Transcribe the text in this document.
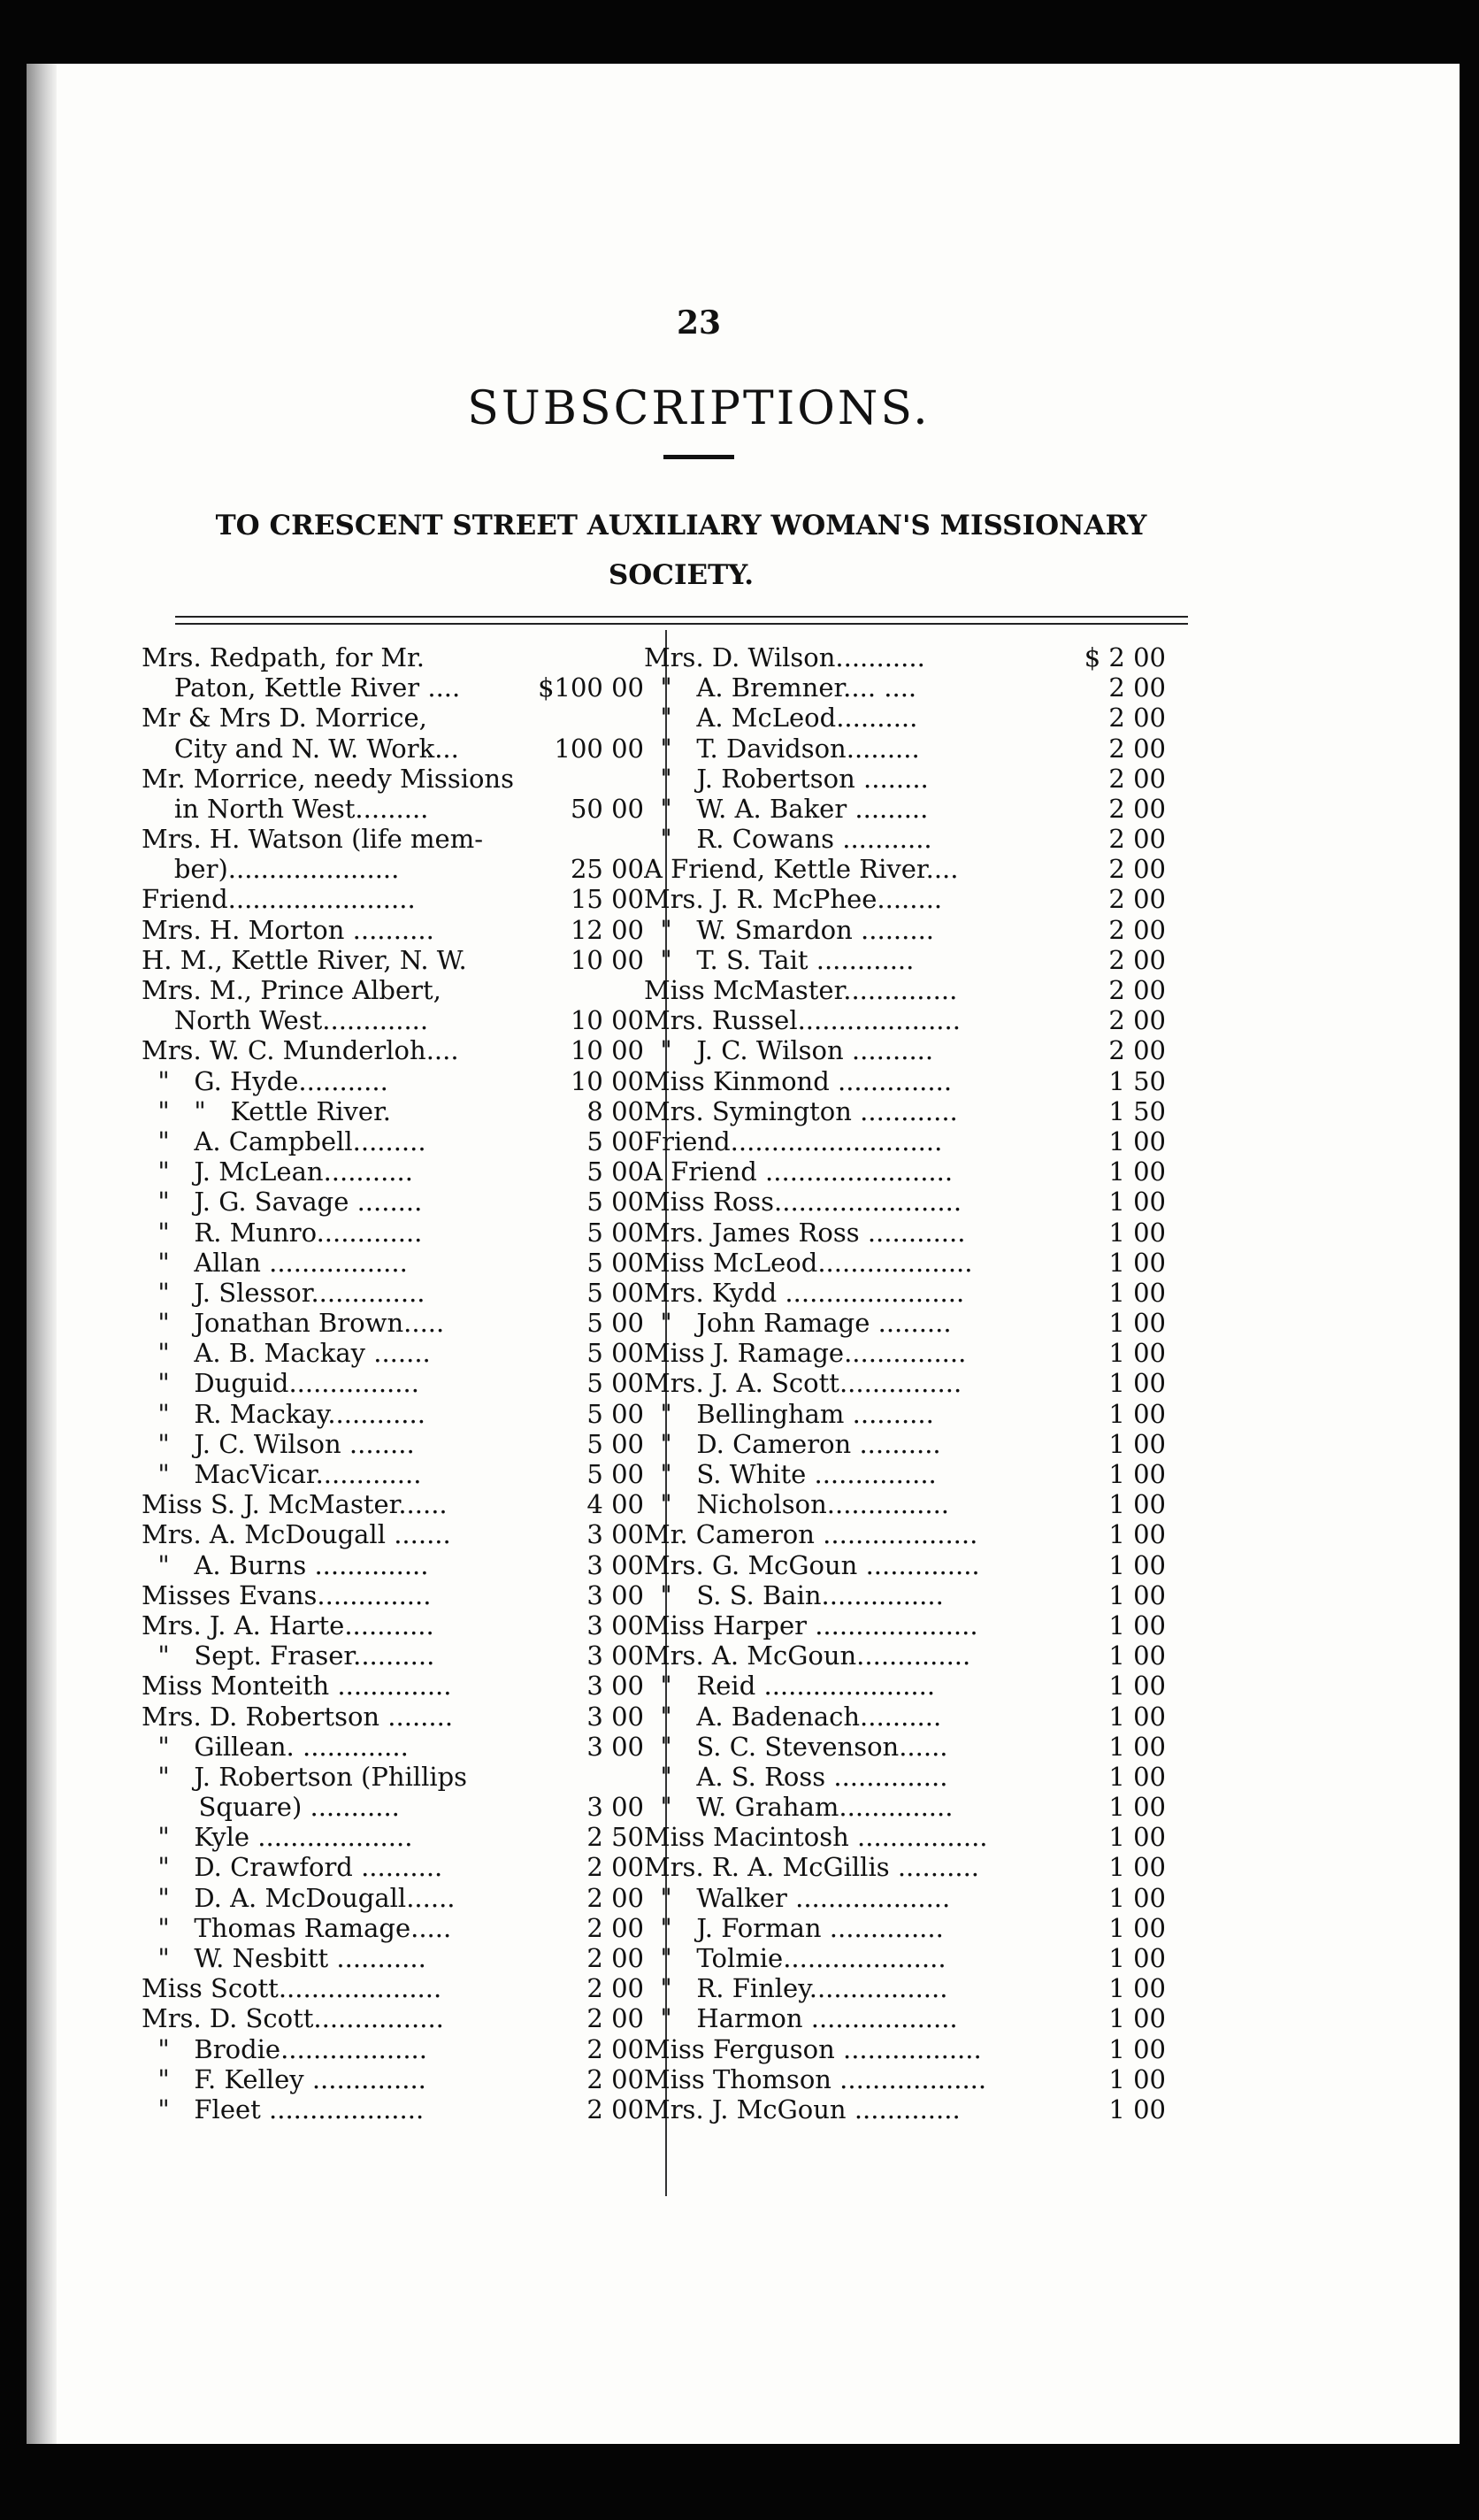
23
SUBSCRIPTIONS.
TO CRESCENT STREET AUXILIARY WOMAN'S MISSIONARY
SOCIETY.
Mrs. Redpath, for Mr.
Paton, Kettle River ....	$100 00
Mr & Mrs D. Morrice,
City and N. W. Work...	100 00
Mr. Morrice, needy Missions
in North West.........	50 00
Mrs. H. Watson (life mem-
ber).....................	25 00
Friend.......................	15 00
Mrs. H. Morton ..........	12 00
H. M., Kettle River, N. W.	10 00
Mrs. M., Prince Albert,
North West.............	10 00
Mrs. W. C. Munderloh....	10 00
"   G. Hyde...........	10 00
"   "   Kettle River.	8 00
"   A. Campbell.........	5 00
"   J. McLean...........	5 00
"   J. G. Savage ........	5 00
"   R. Munro.............	5 00
"   Allan .................	5 00
"   J. Slessor..............	5 00
"   Jonathan Brown.....	5 00
"   A. B. Mackay .......	5 00
"   Duguid................	5 00
"   R. Mackay............	5 00
"   J. C. Wilson ........	5 00
"   MacVicar.............	5 00
Miss S. J. McMaster......	4 00
Mrs. A. McDougall .......	3 00
"   A. Burns ..............	3 00
Misses Evans..............	3 00
Mrs. J. A. Harte...........	3 00
"   Sept. Fraser..........	3 00
Miss Monteith ..............	3 00
Mrs. D. Robertson ........	3 00
"   Gillean. .............	3 00
"   J. Robertson (Phillips
Square) ...........	3 00
"   Kyle ...................	2 50
"   D. Crawford ..........	2 00
"   D. A. McDougall......	2 00
"   Thomas Ramage.....	2 00
"   W. Nesbitt ...........	2 00
Miss Scott....................	2 00
Mrs. D. Scott................	2 00
"   Brodie..................	2 00
"   F. Kelley ..............	2 00
"   Fleet ...................	2 00
Mrs. D. Wilson...........	$ 2 00
"   A. Bremner.... ....	2 00
"   A. McLeod..........	2 00
"   T. Davidson.........	2 00
"   J. Robertson ........	2 00
"   W. A. Baker .........	2 00
"   R. Cowans ...........	2 00
A Friend, Kettle River....	2 00
Mrs. J. R. McPhee........	2 00
"   W. Smardon .........	2 00
"   T. S. Tait ............	2 00
Miss McMaster..............	2 00
Mrs. Russel....................	2 00
"   J. C. Wilson ..........	2 00
Miss Kinmond ..............	1 50
Mrs. Symington ............	1 50
Friend..........................	1 00
A Friend .......................	1 00
Miss Ross.......................	1 00
Mrs. James Ross ............	1 00
Miss McLeod...................	1 00
Mrs. Kydd ......................	1 00
"   John Ramage .........	1 00
Miss J. Ramage...............	1 00
Mrs. J. A. Scott...............	1 00
"   Bellingham ..........	1 00
"   D. Cameron ..........	1 00
"   S. White ...............	1 00
"   Nicholson...............	1 00
Mr. Cameron ...................	1 00
Mrs. G. McGoun ..............	1 00
"   S. S. Bain...............	1 00
Miss Harper ....................	1 00
Mrs. A. McGoun..............	1 00
"   Reid .....................	1 00
"   A. Badenach..........	1 00
"   S. C. Stevenson......	1 00
"   A. S. Ross ..............	1 00
"   W. Graham..............	1 00
Miss Macintosh ................	1 00
Mrs. R. A. McGillis ..........	1 00
"   Walker ...................	1 00
"   J. Forman ..............	1 00
"   Tolmie....................	1 00
"   R. Finley.................	1 00
"   Harmon ..................	1 00
Miss Ferguson .................	1 00
Miss Thomson ..................	1 00
Mrs. J. McGoun .............	1 00
